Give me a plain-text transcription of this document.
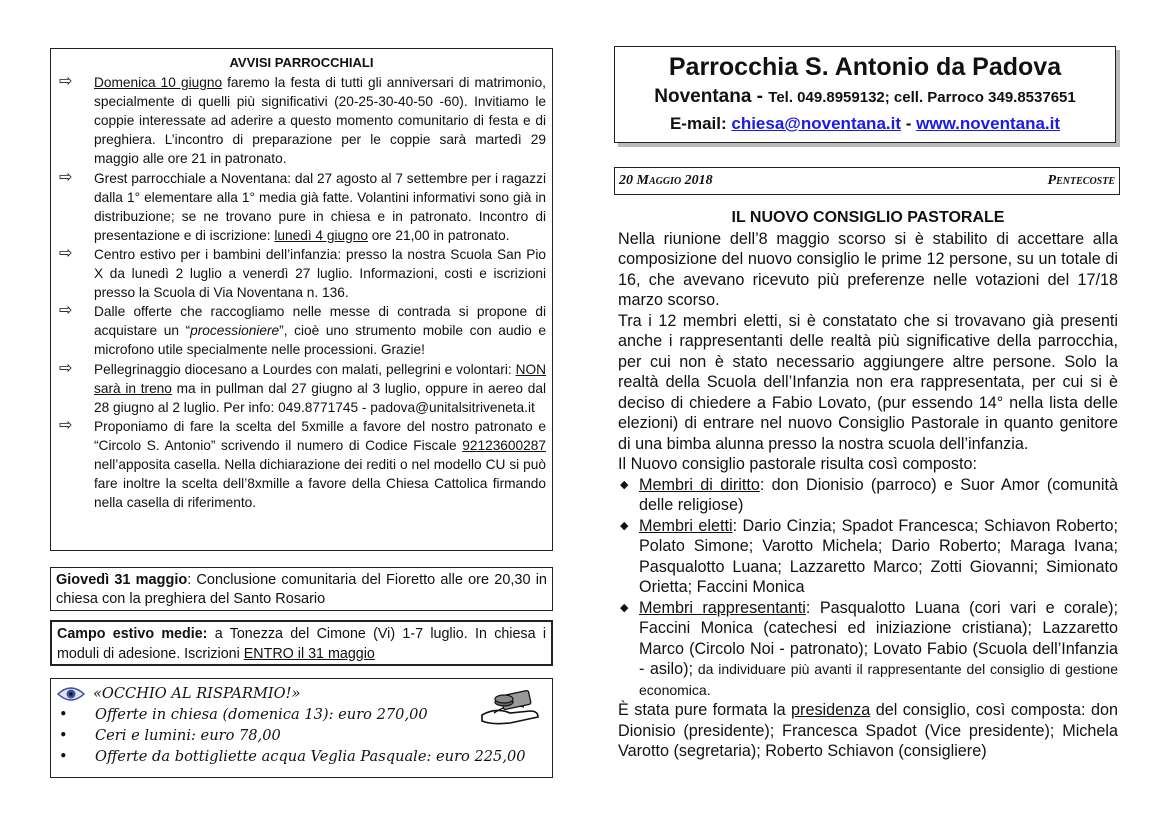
AVVISI PARROCCHIALI
⇨ Domenica 10 giugno faremo la festa di tutti gli anniversari di matrimonio, specialmente di quelli più significativi (20-25-30-40-50 -60). Invitiamo le coppie interessate ad aderire a questo momento comunitario di festa e di preghiera. L’incontro di preparazione per le coppie sarà martedì 29 maggio alle ore 21 in patronato.
⇨ Grest parrocchiale a Noventana: dal 27 agosto al 7 settembre per i ragazzi dalla 1° elementare alla 1° media già fatte. Volantini informativi sono già in distribuzione; se ne trovano pure in chiesa e in patronato. Incontro di presentazione e di iscrizione: lunedì 4 giugno ore 21,00 in patronato.
⇨ Centro estivo per i bambini dell’infanzia: presso la nostra Scuola San Pio X da lunedì 2 luglio a venerdì 27 luglio. Informazioni, costi e iscrizioni presso la Scuola di Via Noventana n. 136.
⇨ Dalle offerte che raccogliamo nelle messe di contrada si propone di acquistare un “processioniere”, cioè uno strumento mobile con audio e microfono utile specialmente nelle processioni. Grazie!
⇨ Pellegrinaggio diocesano a Lourdes con malati, pellegrini e volontari: NON sarà in treno ma in pullman dal 27 giugno al 3 luglio, oppure in aereo dal 28 giugno al 2 luglio. Per info: 049.8771745 - padova@unitalsitriveneta.it
⇨ Proponiamo di fare la scelta del 5xmille a favore del nostro patronato e “Circolo S. Antonio” scrivendo il numero di Codice Fiscale 92123600287 nell’apposita casella. Nella dichiarazione dei rediti o nel modello CU si può fare inoltre la scelta dell’8xmille a favore della Chiesa Cattolica firmando nella casella di riferimento.
Giovedì 31 maggio: Conclusione comunitaria del Fioretto alle ore 20,30 in chiesa con la preghiera del Santo Rosario
Campo estivo medie: a Tonezza del Cimone (Vi) 1-7 luglio. In chiesa i moduli di adesione. Iscrizioni ENTRO il 31 maggio
«OCCHIO AL RISPARMIO!»
• Offerte in chiesa (domenica 13): euro 270,00
• Ceri e lumini: euro 78,00
• Offerte da bottigliette acqua Veglia Pasquale: euro 225,00
Parrocchia S. Antonio da Padova
Noventana - Tel. 049.8959132; cell. Parroco 349.8537651
E-mail: chiesa@noventana.it - www.noventana.it
20 Maggio 2018	Pentecoste
IL NUOVO CONSIGLIO PASTORALE

Nella riunione dell’8 maggio scorso si è stabilito di accettare alla composizione del nuovo consiglio le prime 12 persone, su un totale di 16, che avevano ricevuto più preferenze nelle votazioni del 17/18 marzo scorso.

Tra i 12 membri eletti, si è constatato che si trovavano già presenti anche i rappresentanti delle realtà più significative della parrocchia, per cui non è stato necessario aggiungere altre persone. Solo la realtà della Scuola dell’Infanzia non era rappresentata, per cui si è deciso di chiedere a Fabio Lovato, (pur essendo 14° nella lista delle elezioni) di entrare nel nuovo Consiglio Pastorale in quanto genitore di una bimba alunna presso la nostra scuola dell’infanzia.

Il Nuovo consiglio pastorale risulta così composto:

◆ Membri di diritto: don Dionisio (parroco) e Suor Amor (comunità delle religiose)
◆ Membri eletti: Dario Cinzia; Spadot Francesca; Schiavon Roberto; Polato Simone; Varotto Michela; Dario Roberto; Maraga Ivana; Pasqualotto Luana; Lazzaretto Marco; Zotti Giovanni; Simionato Orietta; Faccini Monica
◆ Membri rappresentanti: Pasqualotto Luana (cori vari e corale); Faccini Monica (catechesi ed iniziazione cristiana); Lazzaretto Marco (Circolo Noi - patronato); Lovato Fabio (Scuola dell’Infanzia - asilo); da individuare più avanti il rappresentante del consiglio di gestione economica.

È stata pure formata la presidenza del consiglio, così composta: don Dionisio (presidente); Francesca Spadot (Vice presidente); Michela Varotto (segretaria); Roberto Schiavon (consigliere)
